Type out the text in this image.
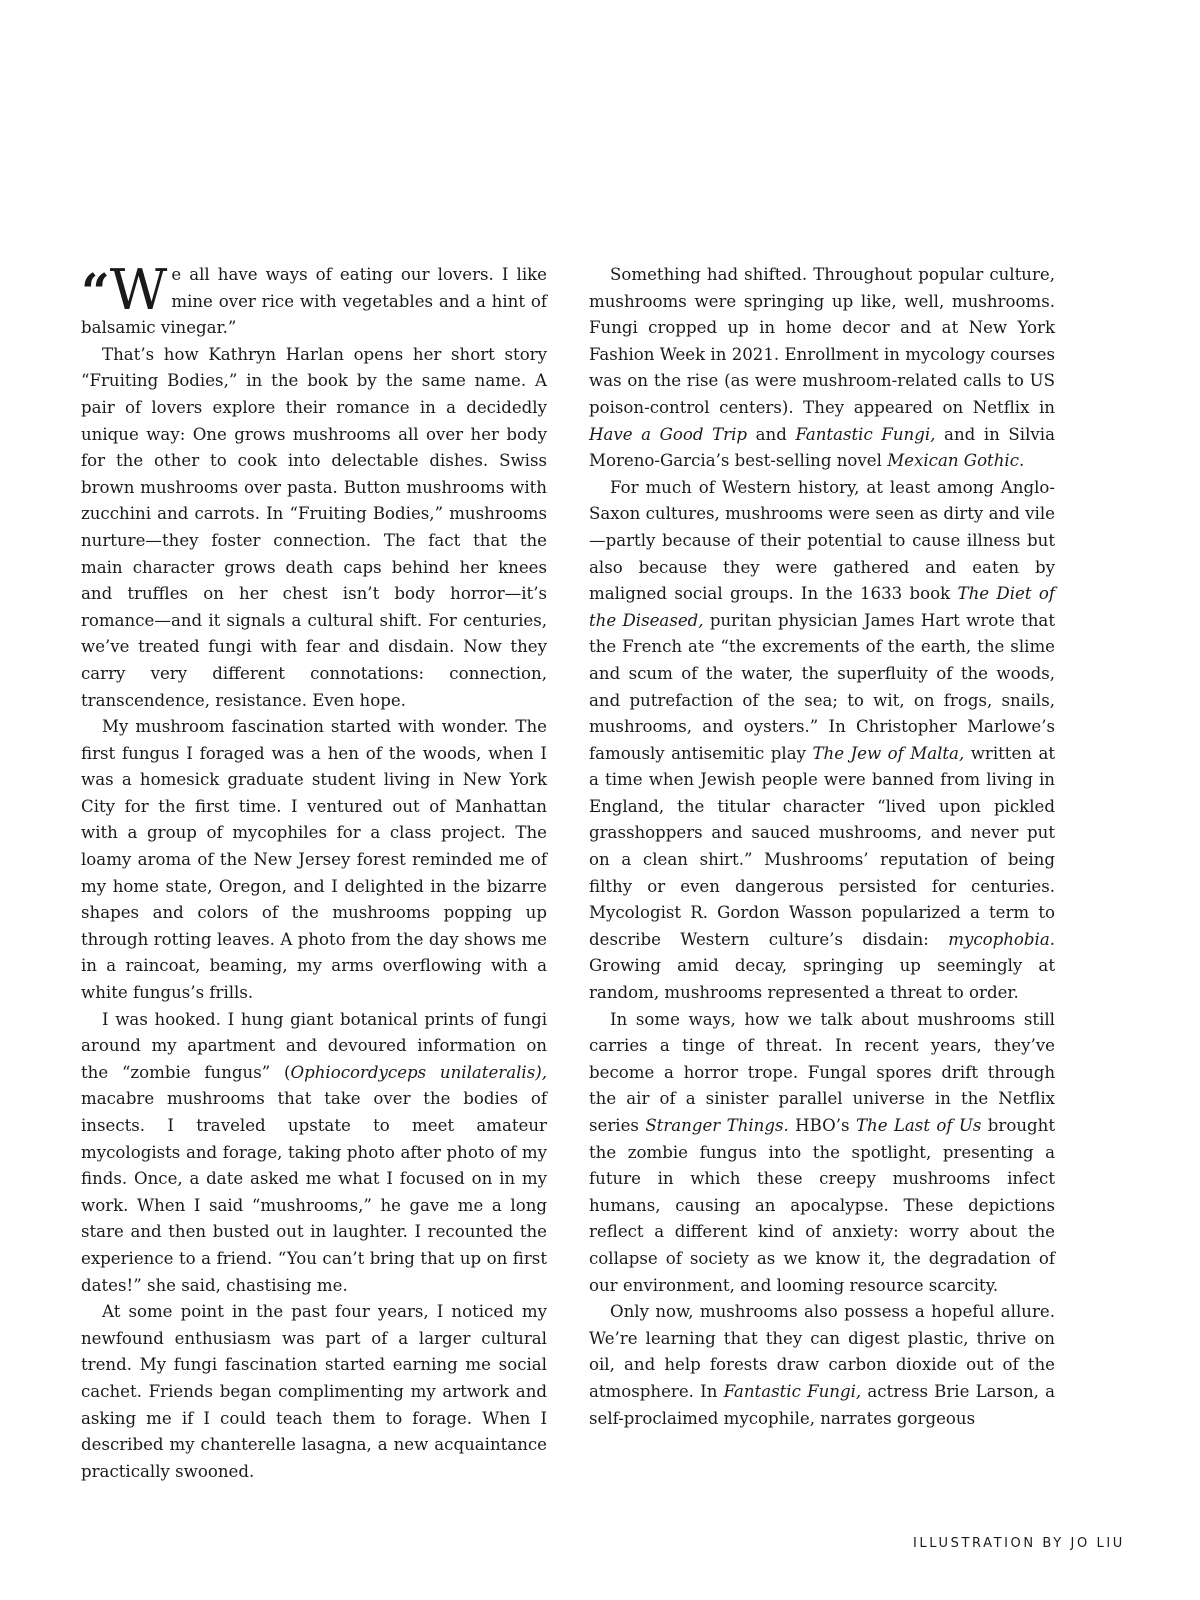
“W e all have ways of eating our lovers. I like mine over rice with vegetables and a hint of balsamic vinegar.”

That’s how Kathryn Harlan opens her short story “Fruiting Bodies,” in the book by the same name. A pair of lovers explore their romance in a decidedly unique way: One grows mushrooms all over her body for the other to cook into delectable dishes. Swiss brown mushrooms over pasta. Button mushrooms with zucchini and carrots. In “Fruiting Bodies,” mushrooms nurture—they foster connection. The fact that the main character grows death caps behind her knees and truffles on her chest isn’t body horror—it’s romance—and it signals a cultural shift. For centuries, we’ve treated fungi with fear and disdain. Now they carry very different connotations: connection, transcendence, resistance. Even hope.

My mushroom fascination started with wonder. The first fungus I foraged was a hen of the woods, when I was a homesick graduate student living in New York City for the first time. I ventured out of Manhattan with a group of mycophiles for a class project. The loamy aroma of the New Jersey forest reminded me of my home state, Oregon, and I delighted in the bizarre shapes and colors of the mushrooms popping up through rotting leaves. A photo from the day shows me in a raincoat, beaming, my arms overflowing with a white fungus’s frills.

I was hooked. I hung giant botanical prints of fungi around my apartment and devoured information on the “zombie fungus” (Ophiocordyceps unilateralis), macabre mushrooms that take over the bodies of insects. I traveled upstate to meet amateur mycologists and forage, taking photo after photo of my finds. Once, a date asked me what I focused on in my work. When I said “mushrooms,” he gave me a long stare and then busted out in laughter. I recounted the experience to a friend. “You can’t bring that up on first dates!” she said, chastising me.

At some point in the past four years, I noticed my newfound enthusiasm was part of a larger cultural trend. My fungi fascination started earning me social cachet. Friends began complimenting my artwork and asking me if I could teach them to forage. When I described my chanterelle lasagna, a new acquaintance practically swooned.

Something had shifted. Throughout popular culture, mushrooms were springing up like, well, mushrooms. Fungi cropped up in home decor and at New York Fashion Week in 2021. Enrollment in mycology courses was on the rise (as were mushroom-related calls to US poison-control centers). They appeared on Netflix in Have a Good Trip and Fantastic Fungi, and in Silvia Moreno-Garcia’s best-selling novel Mexican Gothic.

For much of Western history, at least among Anglo-Saxon cultures, mushrooms were seen as dirty and vile—partly because of their potential to cause illness but also because they were gathered and eaten by maligned social groups. In the 1633 book The Diet of the Diseased, puritan physician James Hart wrote that the French ate “the excrements of the earth, the slime and scum of the water, the superfluity of the woods, and putrefaction of the sea; to wit, on frogs, snails, mushrooms, and oysters.” In Christopher Marlowe’s famously antisemitic play The Jew of Malta, written at a time when Jewish people were banned from living in England, the titular character “lived upon pickled grasshoppers and sauced mushrooms, and never put on a clean shirt.” Mushrooms’ reputation of being filthy or even dangerous persisted for centuries. Mycologist R. Gordon Wasson popularized a term to describe Western culture’s disdain: mycophobia. Growing amid decay, springing up seemingly at random, mushrooms represented a threat to order.

In some ways, how we talk about mushrooms still carries a tinge of threat. In recent years, they’ve become a horror trope. Fungal spores drift through the air of a sinister parallel universe in the Netflix series Stranger Things. HBO’s The Last of Us brought the zombie fungus into the spotlight, presenting a future in which these creepy mushrooms infect humans, causing an apocalypse. These depictions reflect a different kind of anxiety: worry about the collapse of society as we know it, the degradation of our environment, and looming resource scarcity.

Only now, mushrooms also possess a hopeful allure. We’re learning that they can digest plastic, thrive on oil, and help forests draw carbon dioxide out of the atmosphere. In Fantastic Fungi, actress Brie Larson, a self-proclaimed mycophile, narrates gorgeous

ILLUSTRATION BY JO LIU
